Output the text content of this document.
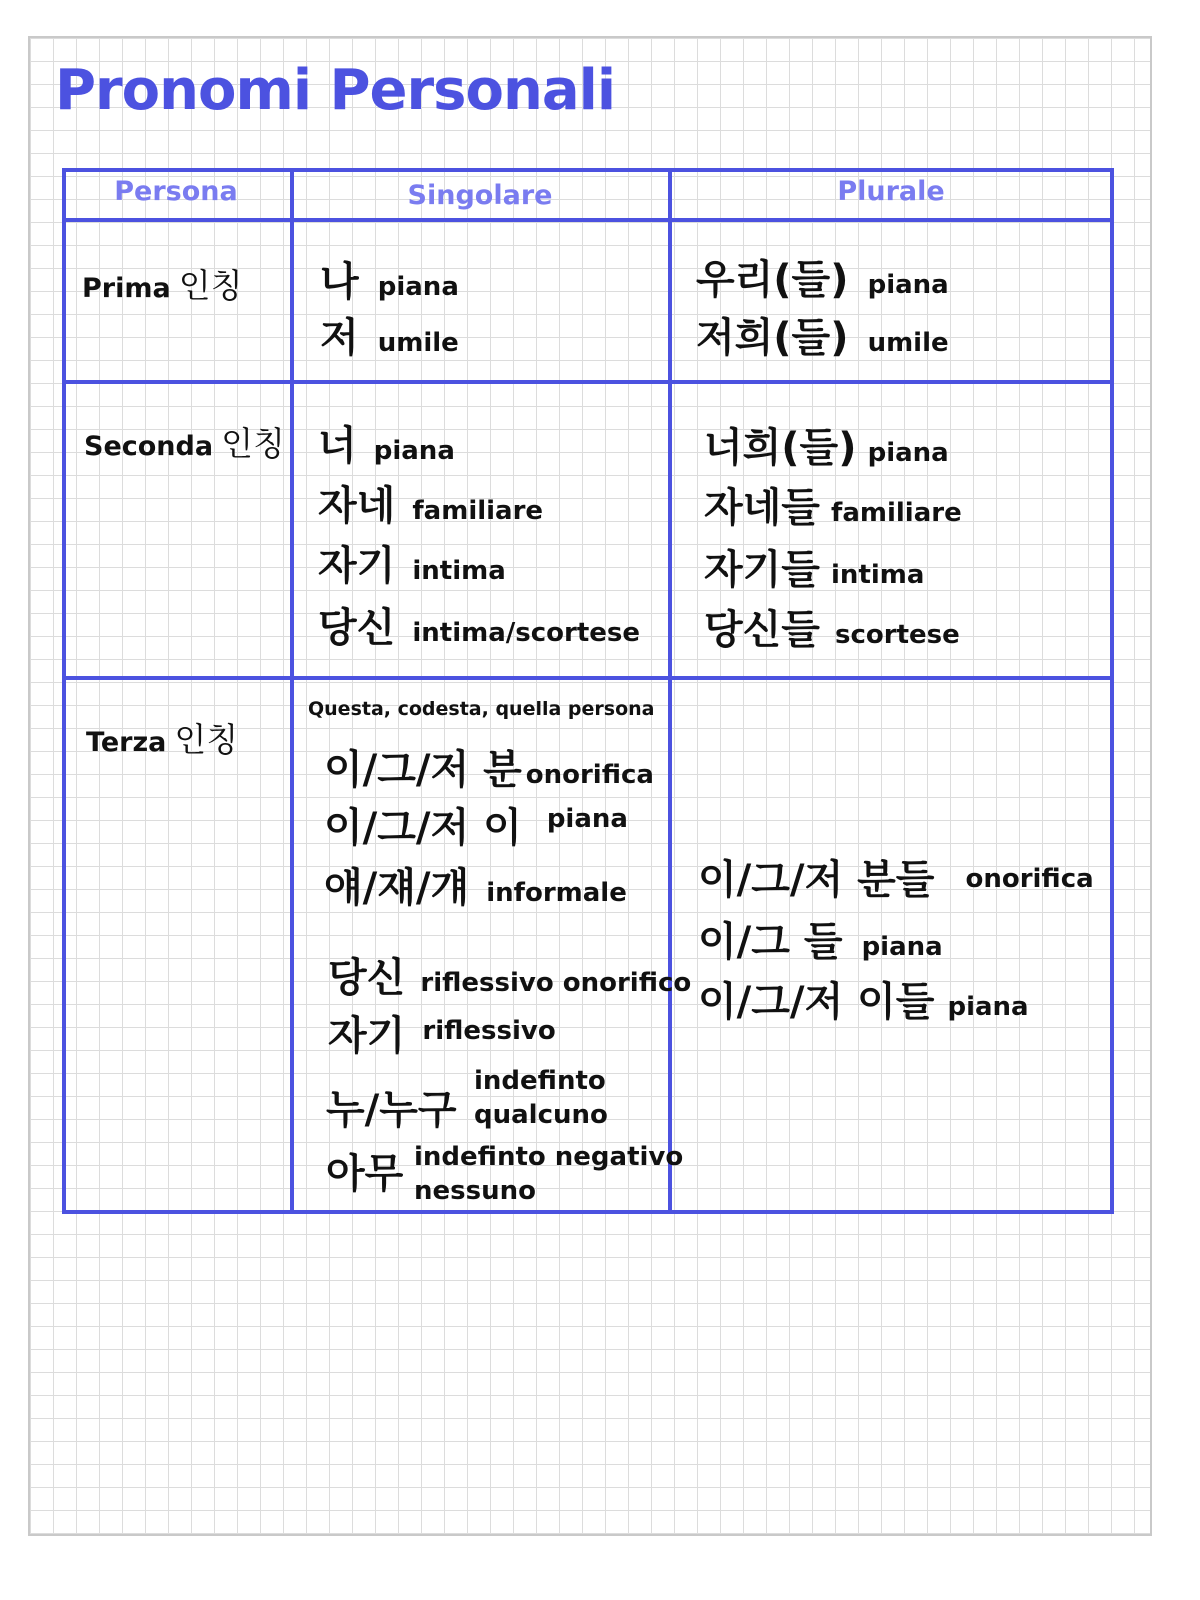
Pronomi Personali
Persona	Singolare	Plurale
Prima 인칭 나 piana
저 umile
우리(들) piana
저희(들) umile
Seconda 인칭 너 piana
자네 familiare
자기 intima
당신 intima/scortese
너희(들) piana
자네들 familiare
자기들 intima
당신들 scortese
Terza 인칭
Questa, codesta, quella persona
이/그/저 분 onorifica
이/그/저 이 piana
얘/쟤/걔 informale
당신 riflessivo onorifico
자기 riflessivo
누/누구
indefinto
qualcuno
아무 indefinto negativo
nessuno
이/그/저 분들 onorifica
이/그 들 piana
이/그/저 이들 piana
